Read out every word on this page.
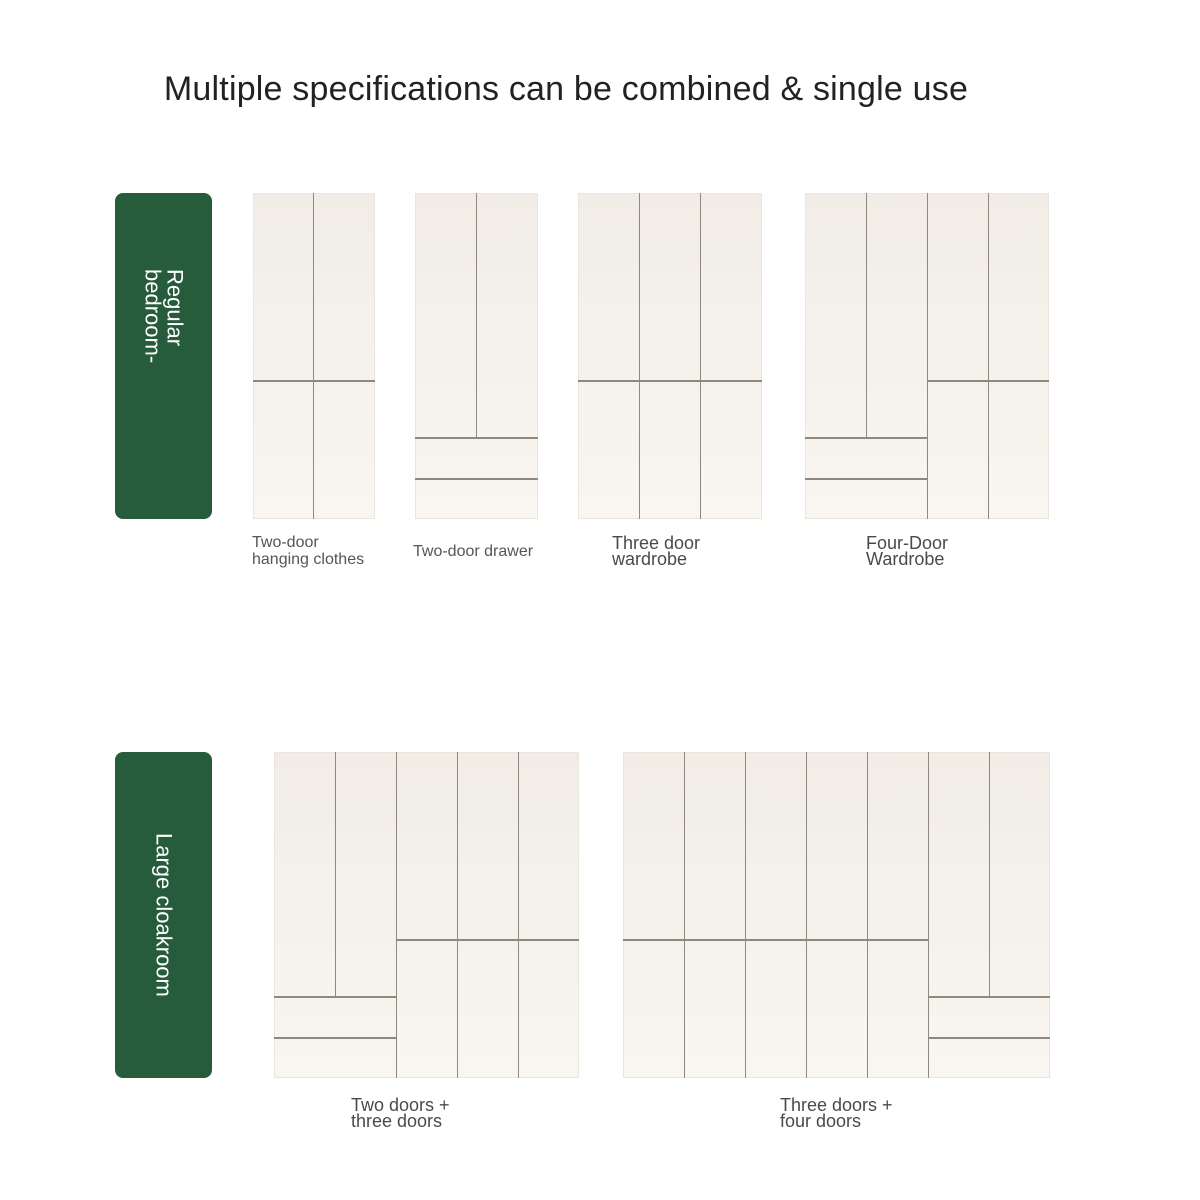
Multiple specifications can be combined & single use
Regular
bedroom-
Large cloakroom
Two-door
hanging clothes	Two-door drawer	Three door
wardrobe
Four-Door
Wardrobe
Two doors +
three doors
Three doors +
four doors
